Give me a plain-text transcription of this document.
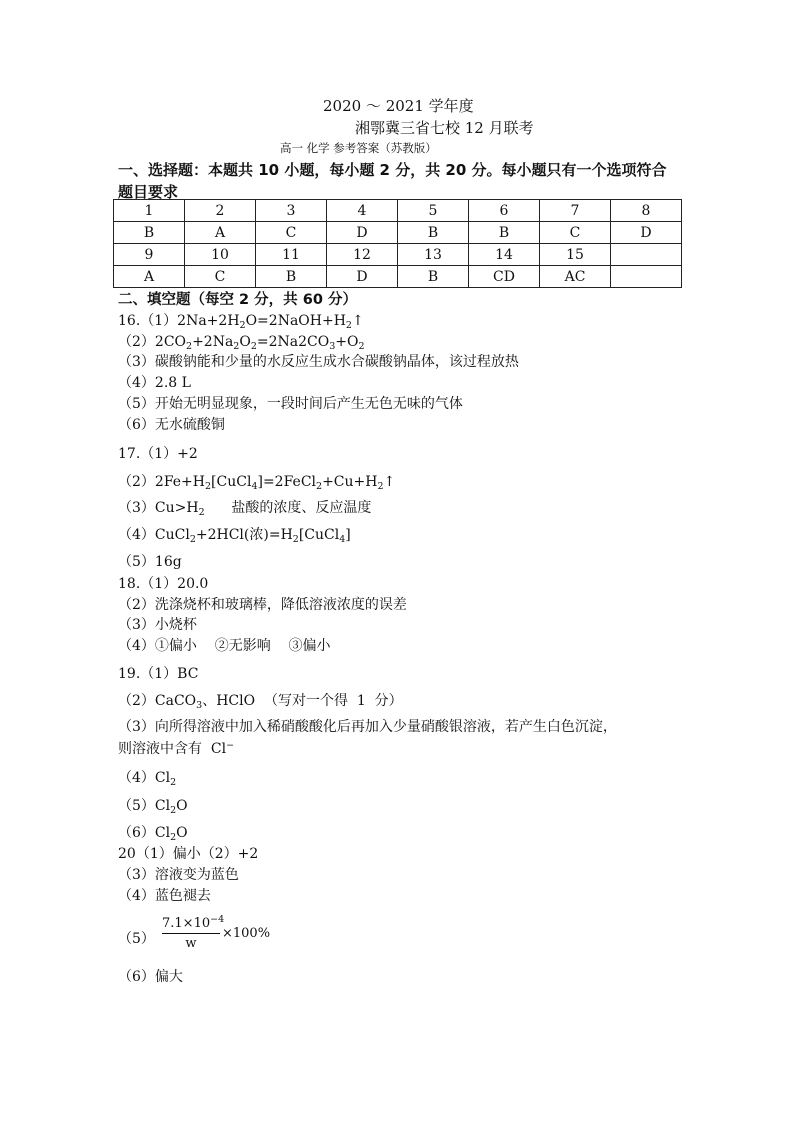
2020 ～ 2021 学年度
湘鄂冀三省七校 12 月联考
高一 化学 参考答案（苏教版）
一、选择题：本题共 10 小题，每小题 2 分，共 20 分。每小题只有一个选项符合
题目要求
1	2	3	4	5	6	7	8
B	A	C	D	B	B	C	D
9	10	11	12	13	14	15	
A	C	B	D	B	CD	AC	
二、填空题（每空 2 分，共 60 分）
$16.(1)2Na+2H_2O=2NaOH+H_2↑$
$(2)2CO_2+2Na_2O_2=2Na2CO_3+O_2$
（3）碳酸钠能和少量的水反应生成水合碳酸钠晶体，该过程放热
（4）2.8 L
（5）开始无明显现象，一段时间后产生无色无味的气体
（6）无水硫酸铜
17.（1）+2
$(2)2Fe+H_2[CuCl_4]=2FeCl_2+Cu+H_2↑$
$(3)Cu>H_2$      盐酸的浓度、反应温度
（4）CuCl$_2$+2HCl(浓)$=H_2[CuCl_4]$
（5）16g
18.（1）20.0
（2）洗涤烧杯和玻璃棒，降低溶液浓度的误差
（3）小烧杯
（4）①偏小    ②无影响    ③偏小
19.（1）BC
（2）CaCO$_3$、HClO  （写对一个得  1  分）
（3）向所得溶液中加入稀硝酸酸化后再加入少量硝酸银溶液，若产生白色沉淀，
则溶液中含有  Cl−
$(4)Cl_2$
$(5)Cl_2O$
$(6)Cl_2O$
20（1）偏小（2）+2
（3）溶液变为蓝色
（4）蓝色褪去
$(5) \frac{7.1\times 10^{-4}}{w} \times 100\%$
（6）偏大
